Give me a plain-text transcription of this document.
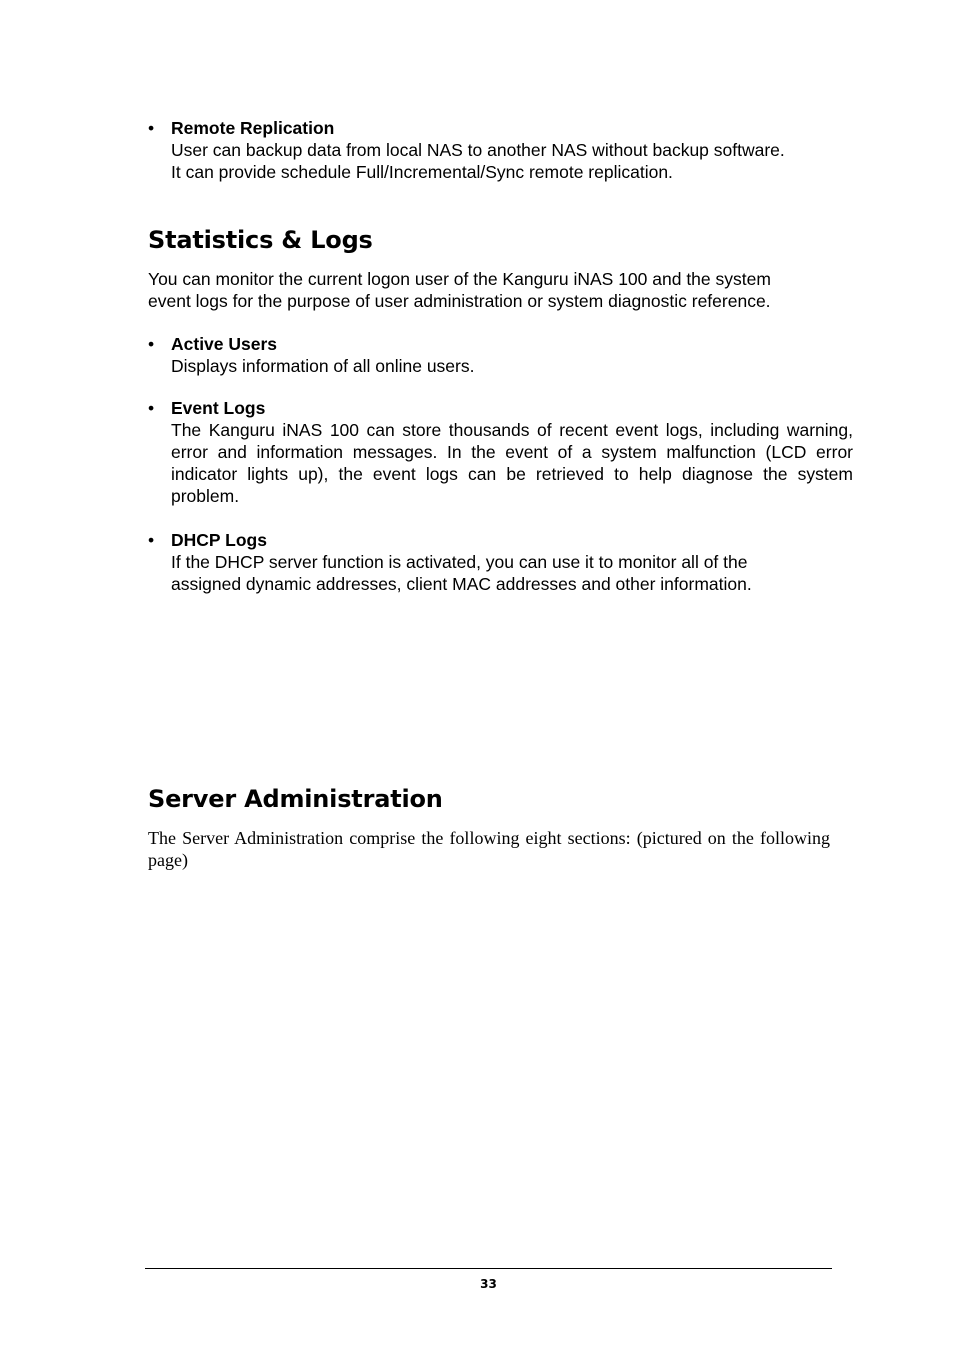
• Remote Replication
User can backup data from local NAS to another NAS without backup software.
It can provide schedule Full/Incremental/Sync remote replication.
Statistics & Logs
You can monitor the current logon user of the Kanguru iNAS 100 and the system
event logs for the purpose of user administration or system diagnostic reference.
• Active Users
Displays information of all online users.
• Event Logs
The Kanguru iNAS 100 can store thousands of recent event logs, including warning, error and information messages. In the event of a system malfunction (LCD error indicator lights up), the event logs can be retrieved to help diagnose the system problem.
• DHCP Logs
If the DHCP server function is activated, you can use it to monitor all of the
assigned dynamic addresses, client MAC addresses and other information.
Server Administration
The Server Administration comprise the following eight sections: (pictured on the following page)
33
